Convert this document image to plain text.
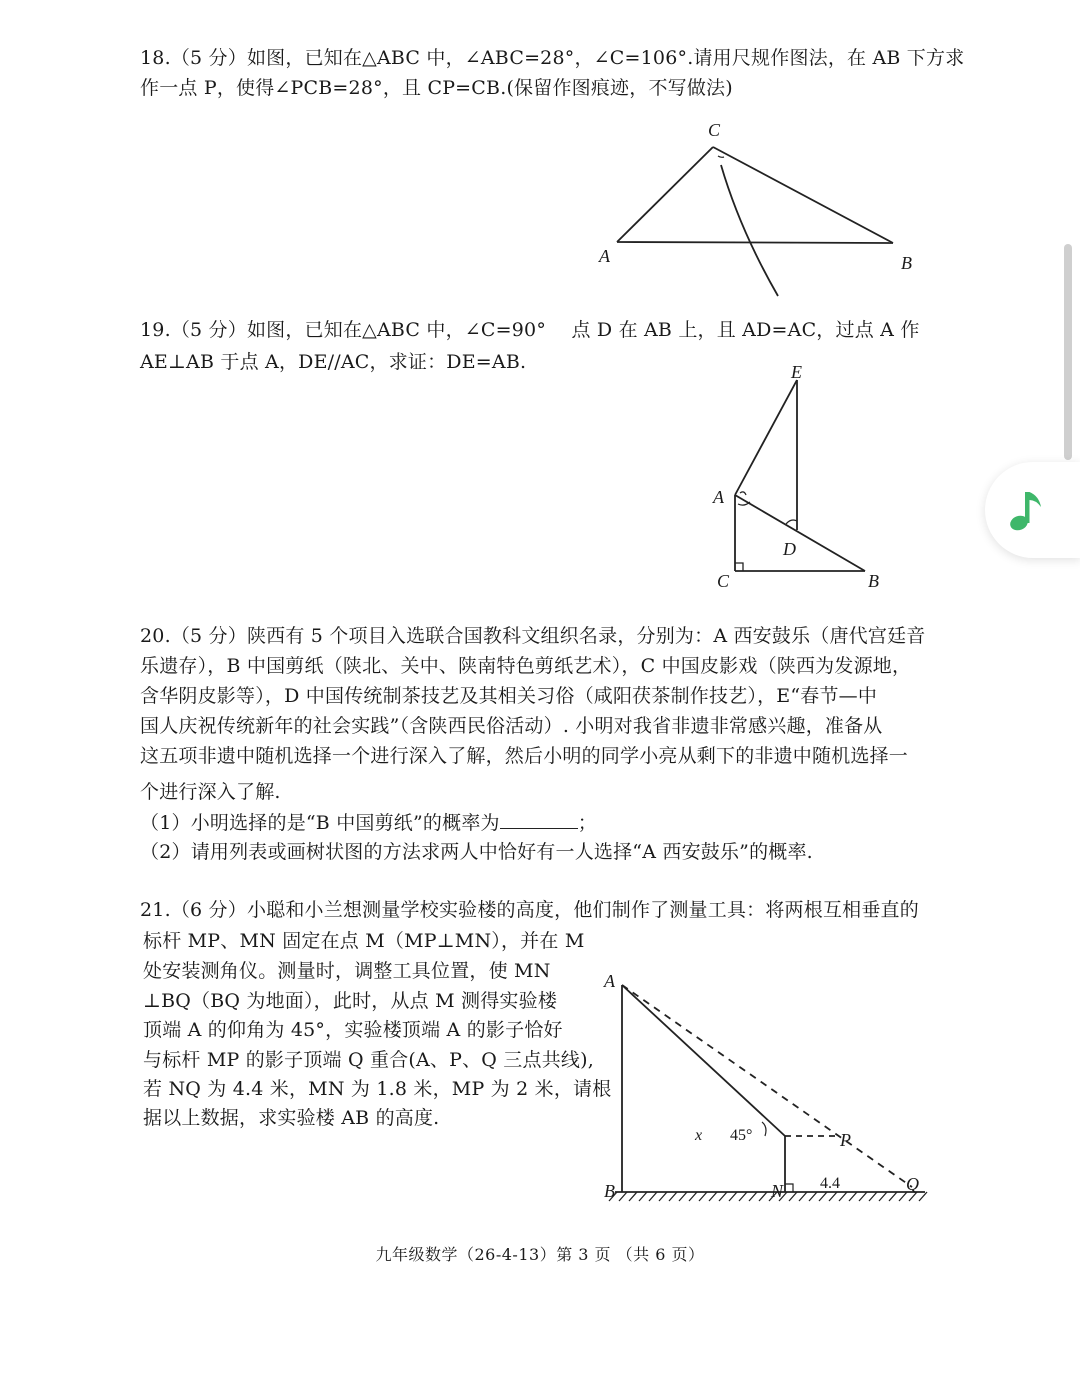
18.（5 分）如图，已知在△ABC 中，∠ABC=28°，∠C=106°.请用尺规作图法，在 AB 下方求
作一点 P，使得∠PCB=28°，且 CP=CB.(保留作图痕迹，不写做法)
C
A	B
19.（5 分）如图，已知在△ABC 中，∠C=90°　 点 D 在 AB 上，且 AD=AC，过点 A 作
AE⊥AB 于点 A，DE//AC，求证：DE=AB.	E
A
D
C	B
20.（5 分）陕西有 5 个项目入选联合国教科文组织名录，分别为：A 西安鼓乐（唐代宫廷音
乐遗存），B 中国剪纸（陕北、关中、陕南特色剪纸艺术），C 中国皮影戏（陕西为发源地，
含华阴皮影等），D 中国传统制茶技艺及其相关习俗（咸阳茯茶制作技艺），E“春节—中
国人庆祝传统新年的社会实践”（含陕西民俗活动）. 小明对我省非遗非常感兴趣，准备从
这五项非遗中随机选择一个进行深入了解，然后小明的同学小亮从剩下的非遗中随机选择一
个进行深入了解.
（1）小明选择的是“B 中国剪纸”的概率为	；
（2）请用列表或画树状图的方法求两人中恰好有一人选择“A 西安鼓乐”的概率.
21.（6 分）小聪和小兰想测量学校实验楼的高度，他们制作了测量工具：将两根互相垂直的
标杆 MP、MN 固定在点 M（MP⊥MN），并在 M
处安装测角仪。测量时，调整工具位置，使 MN
⊥BQ（BQ 为地面），此时，从点 M 测得实验楼
顶端 A 的仰角为 45°，实验楼顶端 A 的影子恰好
与标杆 MP 的影子顶端 Q 重合(A、P、Q 三点共线),
若 NQ 为 4.4 米，MN 为 1.8 米，MP 为 2 米，请根
据以上数据，求实验楼 AB 的高度.
A
45°
x	P
B	N 4.4	Q
九年级数学（26-4-13）第 3 页 （共 6 页）
